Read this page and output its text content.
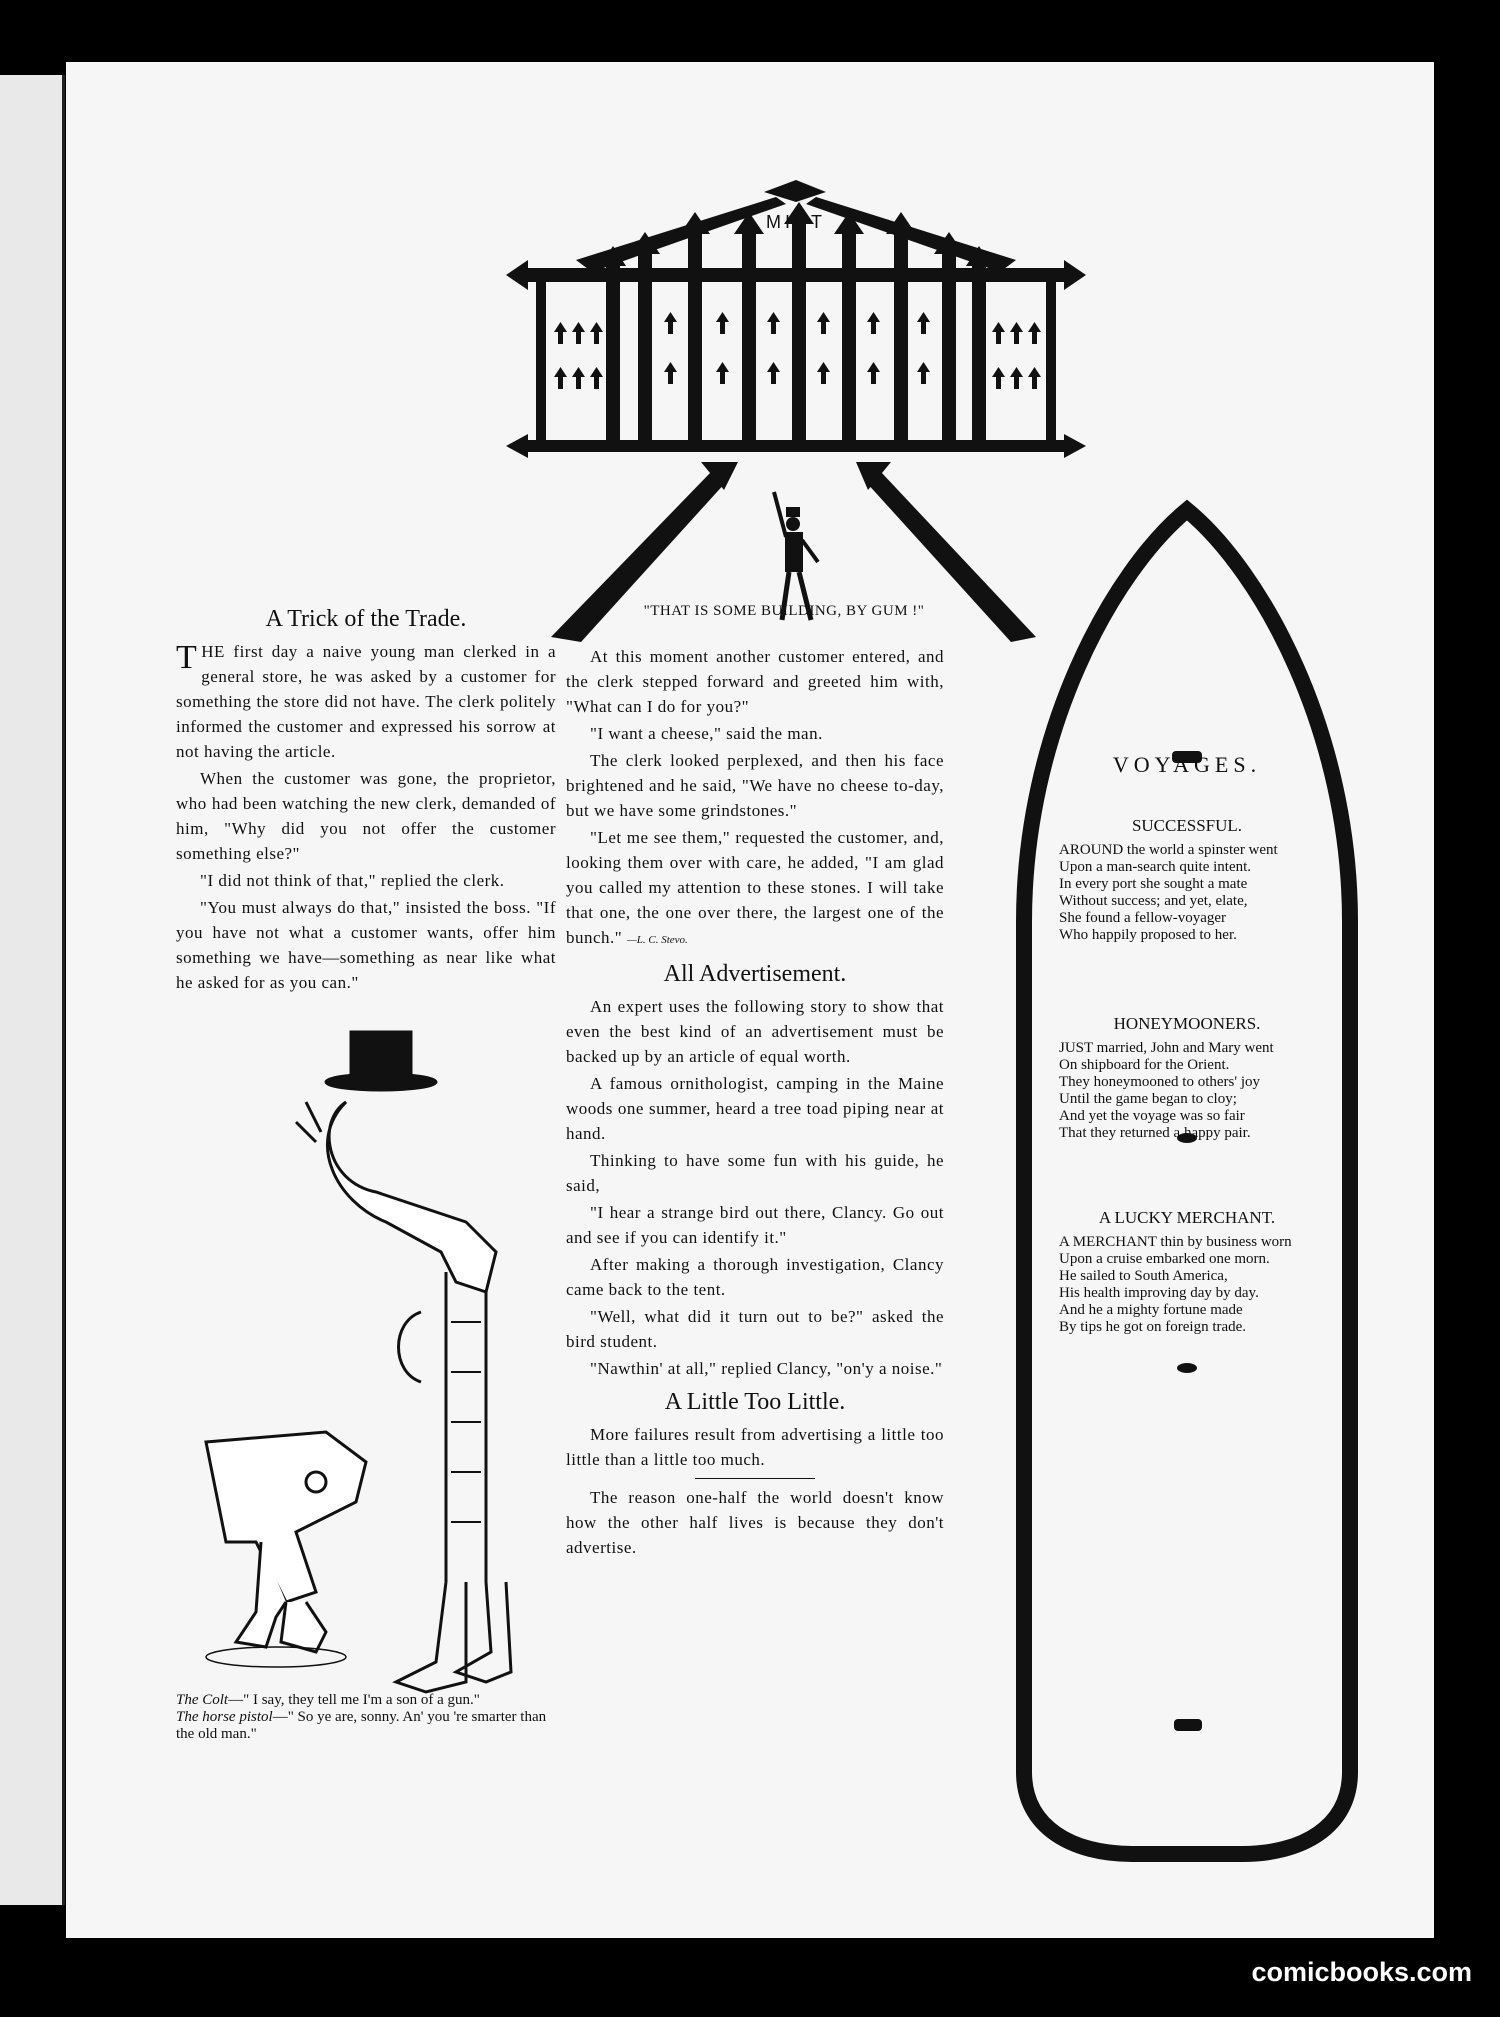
MINT
"THAT IS SOME BUILDING, BY GUM !"
A Trick of the Trade.

THE first day a naive young man clerked in a general store, he was asked by a customer for something the store did not have. The clerk politely informed the customer and expressed his sorrow at not having the article.

When the customer was gone, the proprietor, who had been watching the new clerk, demanded of him, "Why did you not offer the customer something else?"

"I did not think of that," replied the clerk.

"You must always do that," insisted the boss. "If you have not what a customer wants, offer him something we have—something as near like what he asked for as you can."

At this moment another customer entered, and the clerk stepped forward and greeted him with, "What can I do for you?"

"I want a cheese," said the man.

The clerk looked perplexed, and then his face brightened and he said, "We have no cheese to-day, but we have some grindstones."

"Let me see them," requested the customer, and, looking them over with care, he added, "I am glad you called my attention to these stones. I will take that one, the one over there, the largest one of the bunch." —L. C. Stevo.

All Advertisement.

An expert uses the following story to show that even the best kind of an advertisement must be backed up by an article of equal worth.

A famous ornithologist, camping in the Maine woods one summer, heard a tree toad piping near at hand.

Thinking to have some fun with his guide, he said,

"I hear a strange bird out there, Clancy. Go out and see if you can identify it."

After making a thorough investigation, Clancy came back to the tent.

"Well, what did it turn out to be?" asked the bird student.

"Nawthin' at all," replied Clancy, "on'y a noise."

A Little Too Little.

More failures result from advertising a little too little than a little too much.

The reason one-half the world doesn't know how the other half lives is because they don't advertise.

The Colt—" I say, they tell me I'm a son of a gun."

The horse pistol—" So ye are, sonny. An' you 're smarter than the old man."

VOYAGES.
SUCCESSFUL.

AROUND the world a spinster went

Upon a man-search quite intent.

In every port she sought a mate

Without success; and yet, elate,

She found a fellow-voyager

Who happily proposed to her.

HONEYMOONERS.

JUST married, John and Mary went

On shipboard for the Orient.

They honeymooned to others' joy

Until the game began to cloy;

And yet the voyage was so fair

That they returned a happy pair.

A LUCKY MERCHANT.

A MERCHANT thin by business worn

Upon a cruise embarked one morn.

He sailed to South America,

His health improving day by day.

And he a mighty fortune made

By tips he got on foreign trade.

comicbooks.com
